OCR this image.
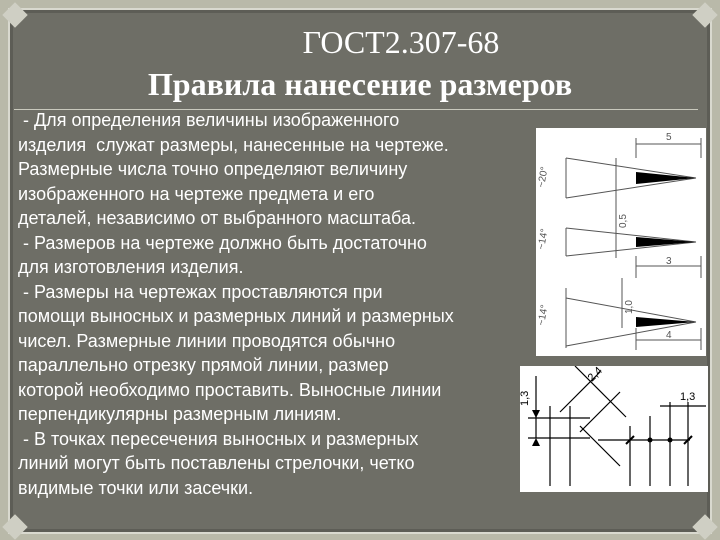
ГОСТ2.307-68
Правила нанесение размеров

- Для определения величины изображенного

изделия  служат размеры, нанесенные на чертеже.

Размерные числа точно определяют величину

изображенного на чертеже предмета и его

деталей, независимо от выбранного масштаба.

- Размеров на чертеже должно быть достаточно

для изготовления изделия.

- Размеры на чертежах проставляются при

помощи выносных и размерных линий и размерных

чисел. Размерные линии проводятся обычно

параллельно отрезку прямой линии, размер

которой необходимо проставить. Выносные линии

перпендикулярны размерным линиям.

- В точках пересечения выносных и размерных

линий могут быть поставлены стрелочки, четко

видимые точки или засечки.

5
~20°
0,5
~14°
3
~14°	1,0
4
1,3
2,4
1,3
